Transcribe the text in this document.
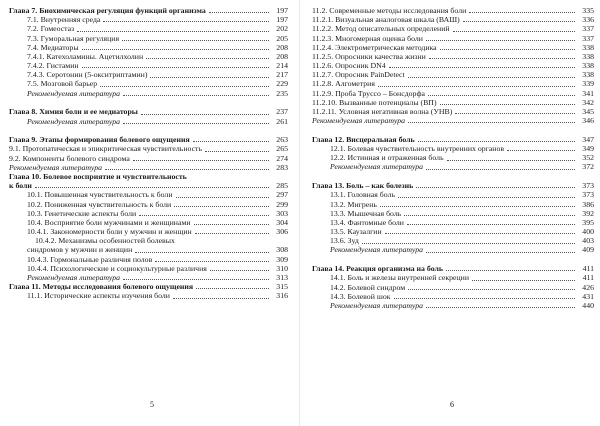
Глава 7. Биохимическая регуляция функций организма	197
7.1. Внутренняя среда	197
7.2. Гомеостаз	202
7.3. Гуморальная регуляция	205
7.4. Медиаторы	208
7.4.1. Катехоламины. Ацетилхолин	208
7.4.2. Гистамин	214
7.4.3. Серотонин (5-окситриптамин)	217
7.5. Мозговой барьер	229
Рекомендуемая литература	235
Глава 8. Химия боли и ее медиаторы	237
Рекомендуемая литература	261
Глава 9. Этапы формирования болевого ощущения	263
9.1. Протопатическая и эпикритическая чувствительность	265
9.2. Компоненты болевого синдрома	274
Рекомендуемая литература	283
Глава 10. Болевое восприятие и чувствительность
к боли	285
10.1. Повышенная чувствительность к боли	297
10.2. Пониженная чувствительность к боли	299
10.3. Генетические аспекты боли	303
10.4. Восприятие боли мужчинами и женщинами	304
10.4.1. Закономерности боли у мужчин и женщин	306
10.4.2. Механизмы особенностей болевых
синдромов у мужчин и женщин	308
10.4.3. Гормональные различия полов	309
10.4.4. Психологические и социокультурные различия	310
Рекомендуемая литература	313
Глава 11. Методы исследования болевого ощущения	315
11.1. Исторические аспекты изучения боли	316
5
11.2. Современные методы исследования боли	335
11.2.1. Визуальная аналоговая шкала (ВАШ)	336
11.2.2. Метод описательных определений	337
11.2.3. Многомерная оценка боли	337
11.2.4. Электрометрическая методика	338
11.2.5. Опросники качества жизни	338
11.2.6. Опросник DN4	338
11.2.7. Опросник PainDetect	338
11.2.8. Алгометрия	339
11.2.9. Проба Труссо – Бонсдорфа	341
11.2.10. Вызванные потенциалы (ВП)	342
11.2.11. Условная негативная волна (УНВ)	345
Рекомендуемая литература	346
Глава 12. Висцеральная боль	347
12.1. Болевая чувствительность внутренних органов	349
12.2. Истинная и отраженная боль	352
Рекомендуемая литература	372
Глава 13. Боль – как болезнь	373
13.1. Головная боль	373
13.2. Мигрень	386
13.3. Мышечная боль	392
13.4. Фантомные боли	395
13.5. Каузалгии	400
13.6. Зуд	403
Рекомендуемая литература	409
Глава 14. Реакция организма на боль	411
14.1. Боль и железы внутренней секреции	411
14.2. Болевой синдром	426
14.3. Болевой шок	431
Рекомендуемая литература	440
6
